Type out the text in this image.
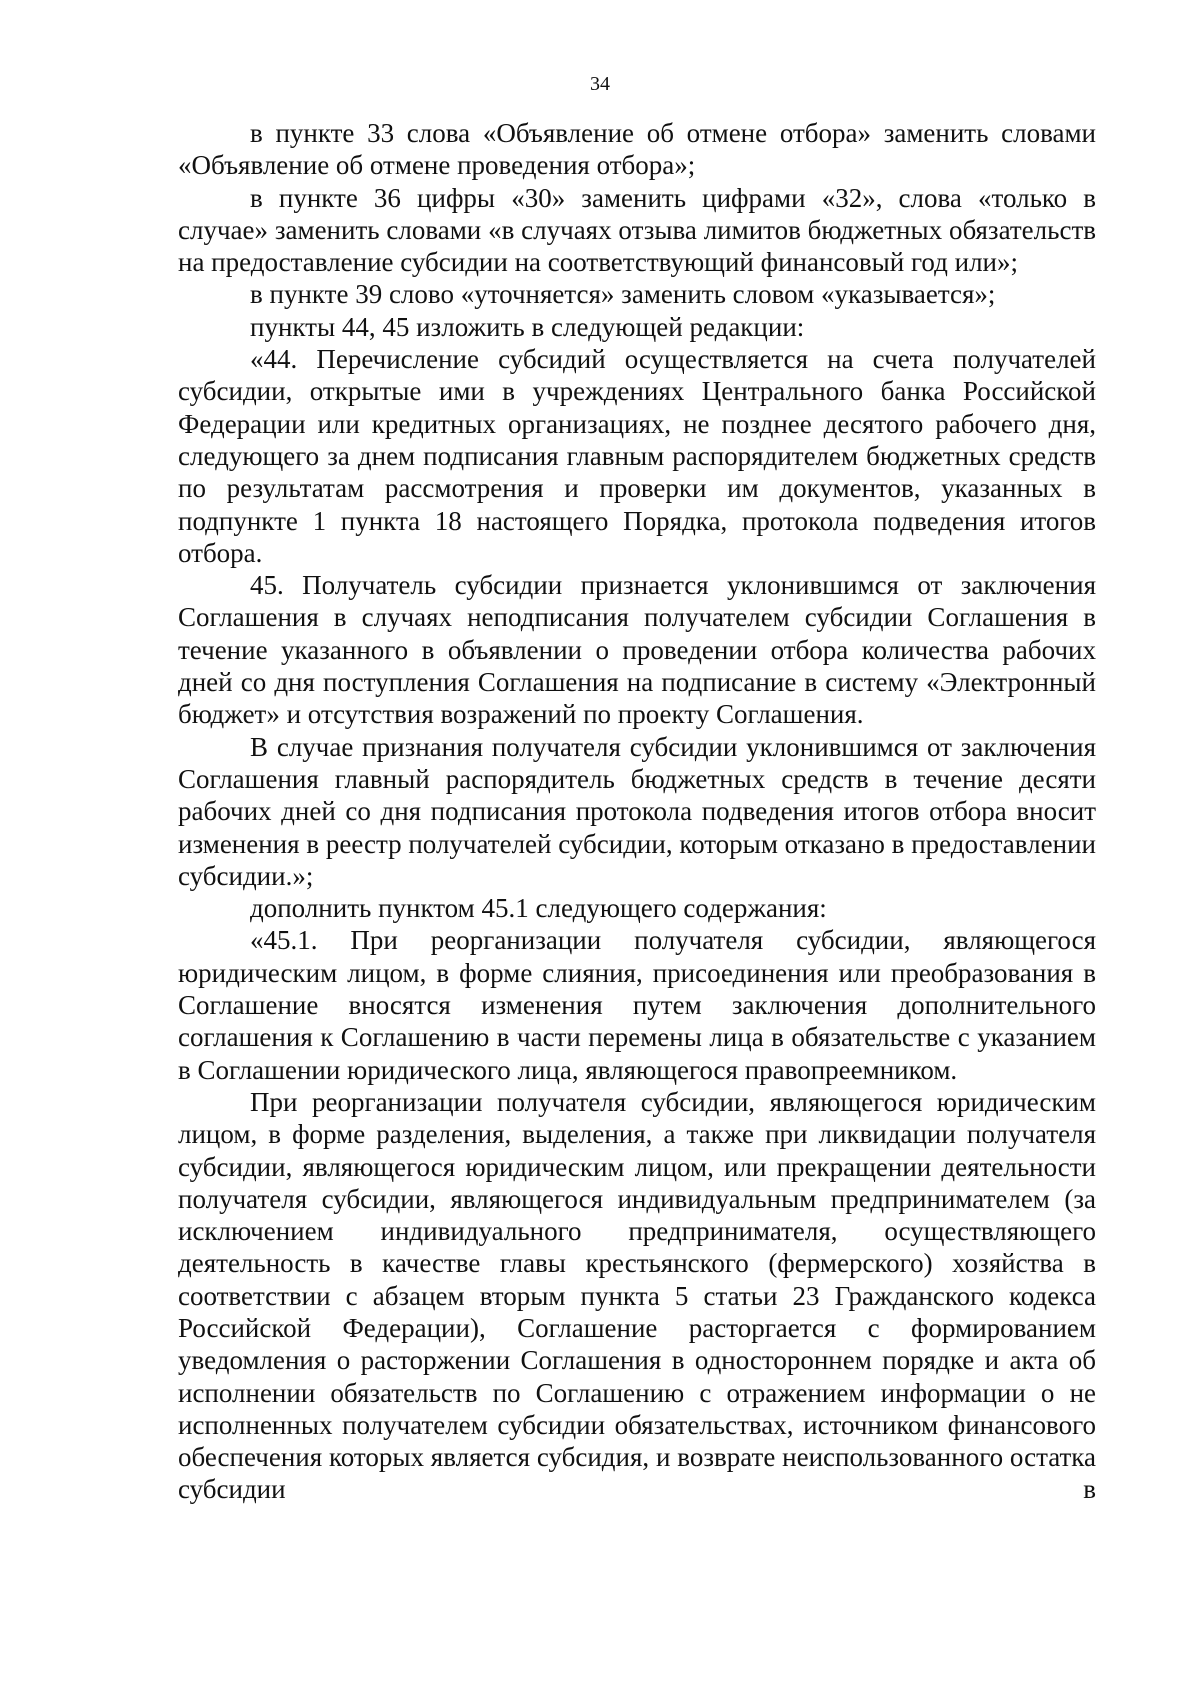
34

в пункте 33 слова «Объявление об отмене отбора» заменить словами «Объявление об отмене проведения отбора»;

в пункте 36 цифры «30» заменить цифрами «32», слова «только в случае» заменить словами «в случаях отзыва лимитов бюджетных обязательств на предоставление субсидии на соответствующий финансовый год или»;

в пункте 39 слово «уточняется» заменить словом «указывается»;

пункты 44, 45 изложить в следующей редакции:

«44. Перечисление субсидий осуществляется на счета получателей субсидии, открытые ими в учреждениях Центрального банка Российской Федерации или кредитных организациях, не позднее десятого рабочего дня, следующего за днем подписания главным распорядителем бюджетных средств по результатам рассмотрения и проверки им документов, указанных в подпункте 1 пункта 18 настоящего Порядка, протокола подведения итогов отбора.

45. Получатель субсидии признается уклонившимся от заключения Соглашения в случаях неподписания получателем субсидии Соглашения в течение указанного в объявлении о проведении отбора количества рабочих дней со дня поступления Соглашения на подписание в систему «Электронный бюджет» и отсутствия возражений по проекту Соглашения.

В случае признания получателя субсидии уклонившимся от заключения Соглашения главный распорядитель бюджетных средств в течение десяти рабочих дней со дня подписания протокола подведения итогов отбора вносит изменения в реестр получателей субсидии, которым отказано в предоставлении субсидии.»;

дополнить пунктом 45.1 следующего содержания:

«45.1. При реорганизации получателя субсидии, являющегося юридическим лицом, в форме слияния, присоединения или преобразования в Соглашение вносятся изменения путем заключения дополнительного соглашения к Соглашению в части перемены лица в обязательстве с указанием в Соглашении юридического лица, являющегося правопреемником.

При реорганизации получателя субсидии, являющегося юридическим лицом, в форме разделения, выделения, а также при ликвидации получателя субсидии, являющегося юридическим лицом, или прекращении деятельности получателя субсидии, являющегося индивидуальным предпринимателем (за исключением индивидуального предпринимателя, осуществляющего деятельность в качестве главы крестьянского (фермерского) хозяйства в соответствии с абзацем вторым пункта 5 статьи 23 Гражданского кодекса Российской Федерации), Соглашение расторгается с формированием уведомления о расторжении Соглашения в одностороннем порядке и акта об исполнении обязательств по Соглашению с отражением информации о не исполненных получателем субсидии обязательствах, источником финансового обеспечения которых является субсидия, и возврате неиспользованного остатка субсидии в
